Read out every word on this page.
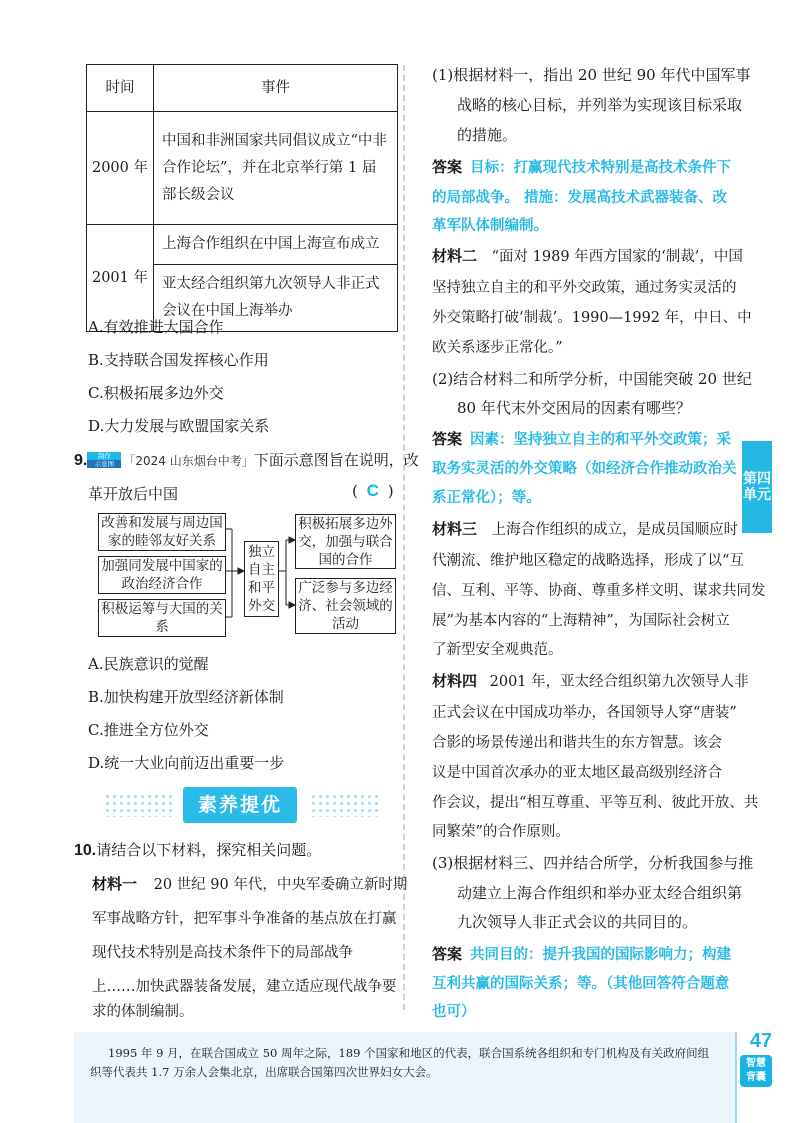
时间	事件
2000 年	中国和非洲国家共同倡议成立“中非合作论坛”，并在北京举行第 1 届部长级会议
2001 年	上海合作组织在中国上海宣布成立
	亚太经合组织第九次领导人非正式会议在中国上海举办
A.有效推进大国合作
B.支持联合国发挥核心作用
C.积极拓展多边外交
D.大力发展与欧盟国家关系
9.	制作
示意图 「2024 山东烟台中考」下面示意图旨在说明，改
革开放后中国	( C )
改善和发展与周边国家的睦邻友好关系
加强同发展中国家的政治经济合作
积极运筹与大国的关系
独立自主和平外交
积极拓展多边外交，加强与联合国的合作
广泛参与多边经济、社会领域的活动
A.民族意识的觉醒
B.加快构建开放型经济新体制
C.推进全方位外交
D.统一大业向前迈出重要一步
素养提优
10.请结合以下材料，探究相关问题。
材料一 20 世纪 90 年代，中央军委确立新时期
军事战略方针，把军事斗争准备的基点放在打赢
现代技术特别是高技术条件下的局部战争
上……加快武器装备发展，建立适应现代战争要
求的体制编制。
(1)根据材料一，指出 20 世纪 90 年代中国军事
战略的核心目标，并列举为实现该目标采取
的措施。
答案 目标：打赢现代技术特别是高技术条件下
的局部战争。 措施：发展高技术武器装备、改
革军队体制编制。
材料二 “面对 1989 年西方国家的‘制裁’，中国
坚持独立自主的和平外交政策，通过务实灵活的
外交策略打破‘制裁’。1990—1992 年，中日、中
欧关系逐步正常化。”
(2)结合材料二和所学分析，中国能突破 20 世纪
80 年代末外交困局的因素有哪些？
答案 因素：坚持独立自主的和平外交政策；采
取务实灵活的外交策略（如经济合作推动政治关
系正常化）；等。
材料三 上海合作组织的成立，是成员国顺应时
代潮流、维护地区稳定的战略选择，形成了以“互
信、互利、平等、协商、尊重多样文明、谋求共同发
展”为基本内容的“上海精神”，为国际社会树立
了新型安全观典范。
材料四 2001 年，亚太经合组织第九次领导人非
正式会议在中国成功举办，各国领导人穿“唐装”
合影的场景传递出和谐共生的东方智慧。该会
议是中国首次承办的亚太地区最高级别经济合
作会议，提出“相互尊重、平等互利、彼此开放、共
同繁荣”的合作原则。
(3)根据材料三、四并结合所学，分析我国参与推
动建立上海合作组织和举办亚太经合组织第
九次领导人非正式会议的共同目的。
答案 共同目的：提升我国的国际影响力；构建
互利共赢的国际关系；等。（其他回答符合题意
也可）
第四
单元
1995 年 9 月，在联合国成立 50 周年之际，189 个国家和地区的代表，联合国系统各组织和专门机构及有关政府间组织等代表共 1.7 万余人会集北京，出席联合国第四次世界妇女大会。
47
智慧
背囊
